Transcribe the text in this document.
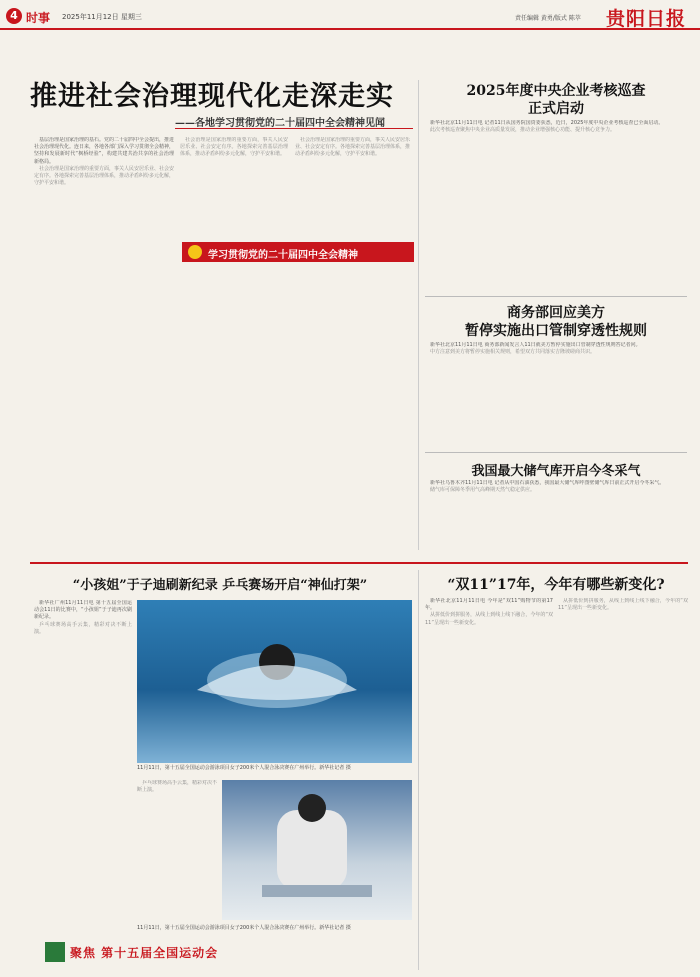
4 时事 2025年11月12日 星期三	责任编辑 黄勇/版式 陈萃 贵阳日报
推进社会治理现代化走深走实
——各地学习贯彻党的二十届四中全会精神见闻
基层治理是国家治理的基石。党的二十届四中全会提出，推进社会治理现代化。连日来，各地各部门深入学习贯彻全会精神，坚持和发展新时代“枫桥经验”，构建共建共治共享的社会治理新格局。
社会治理是国家治理的重要方面，事关人民安居乐业、社会安定有序。各地探索完善基层治理体系，推动矛盾纠纷多元化解，守护平安和谐。
社会治理是国家治理的重要方面，事关人民安居乐业、社会安定有序。各地探索完善基层治理体系，推动矛盾纠纷多元化解，守护平安和谐。
社会治理是国家治理的重要方面，事关人民安居乐业、社会安定有序。各地探索完善基层治理体系，推动矛盾纠纷多元化解，守护平安和谐。
学习贯彻党的二十届四中全会精神
2025年度中央企业考核巡查
正式启动
新华社北京11月11日电 记者11日从国务院国资委获悉，近日，2025年度中央企业考核巡查已全面启动。
此次考核巡查聚焦中央企业高质量发展，推动企业增强核心功能、提升核心竞争力。
商务部回应美方
暂停实施出口管制穿透性规则
新华社北京11月11日电 商务部新闻发言人11日就美方暂停实施出口管制穿透性规则答记者问。
中方注意到美方将暂停实施相关规则，希望双方共同落实吉隆坡磋商共识。
我国最大储气库开启今冬采气
新华社乌鲁木齐11月11日电 记者从中国石油获悉，我国最大储气库呼图壁储气库日前正式开启今冬采气。
储气库可保障冬季用气高峰期天然气稳定供应。
“小孩姐”于子迪刷新纪录 乒乓赛场开启“神仙打架”
新华社广州11月11日电 第十五届全国运动会11日的比赛中，“小孩姐”于子迪再次刷新纪录。
乒乓球赛场高手云集，精彩对决不断上演。
11月11日，第十五届全国运动会游泳项目女子200米个人混合泳决赛在广州举行。新华社记者 摄
乒乓球赛场高手云集，精彩对决不断上演。
11月11日，第十五届全国运动会游泳项目女子200米个人混合泳决赛在广州举行。新华社记者 摄
聚焦 第十五届全国运动会
“双11”17年，今年有哪些新变化?
新华社北京11月11日电 今年是“双11”购物节的第17年。
从拼低价到拼服务，从线上到线上线下融合，今年的“双11”呈现出一些新变化。
从拼低价到拼服务，从线上到线上线下融合，今年的“双11”呈现出一些新变化。
